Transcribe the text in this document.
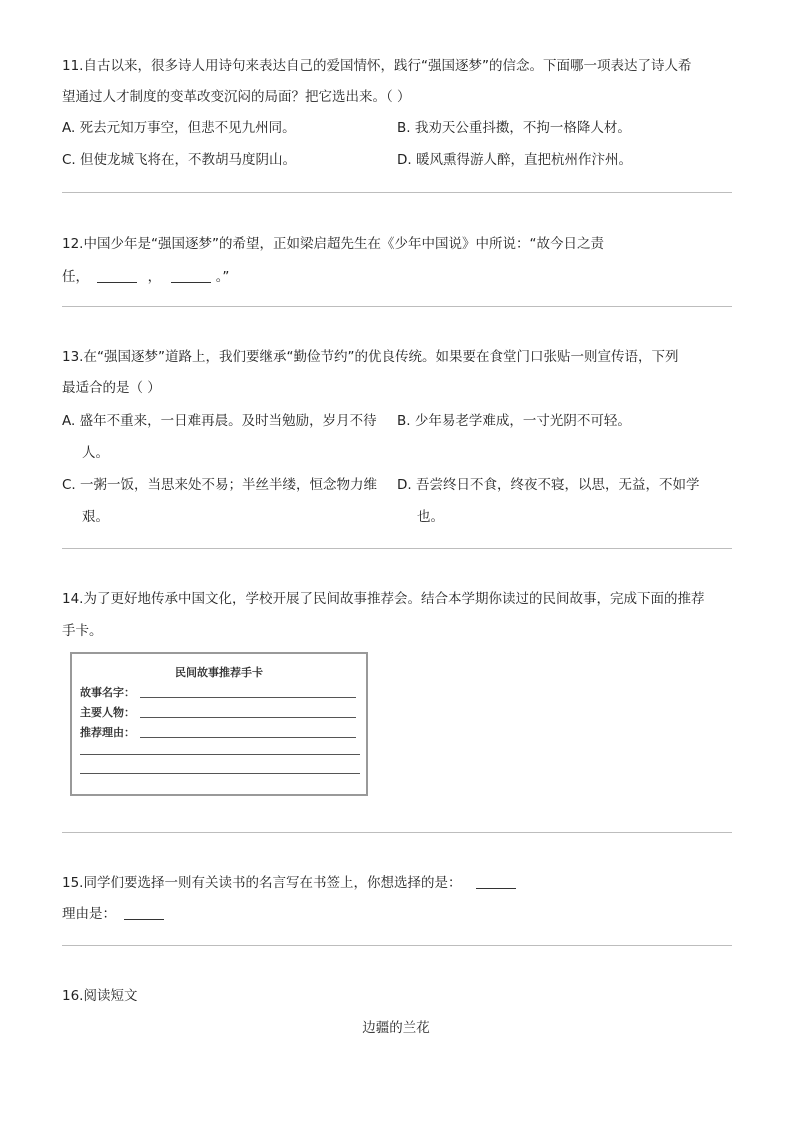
11.自古以来，很多诗人用诗句来表达自己的爱国情怀，践行“强国逐梦”的信念。下面哪一项表达了诗人希
望通过人才制度的变革改变沉闷的局面？把它选出来。（ ）
A. 死去元知万事空，但悲不见九州同。	B. 我劝天公重抖擞，不拘一格降人材。
C. 但使龙城飞将在，不教胡马度阴山。	D. 暖风熏得游人醉，直把杭州作汴州。
12.中国少年是“强国逐梦”的希望，正如梁启超先生在《少年中国说》中所说：“故今日之责
任，	，	。”
13.在“强国逐梦”道路上，我们要继承“勤俭节约”的优良传统。如果要在食堂门口张贴一则宣传语，下列
最适合的是（ ）
A. 盛年不重来，一日难再晨。及时当勉励，岁月不待
人。
B. 少年易老学难成，一寸光阴不可轻。
C. 一粥一饭，当思来处不易；半丝半缕，恒念物力维
艰。
D. 吾尝终日不食，终夜不寝，以思，无益，不如学
也。
14.为了更好地传承中国文化，学校开展了民间故事推荐会。结合本学期你读过的民间故事，完成下面的推荐
手卡。
民间故事推荐手卡
故事名字：
主要人物：
推荐理由：
15.同学们要选择一则有关读书的名言写在书签上，你想选择的是：
理由是：
16.阅读短文
边疆的兰花
